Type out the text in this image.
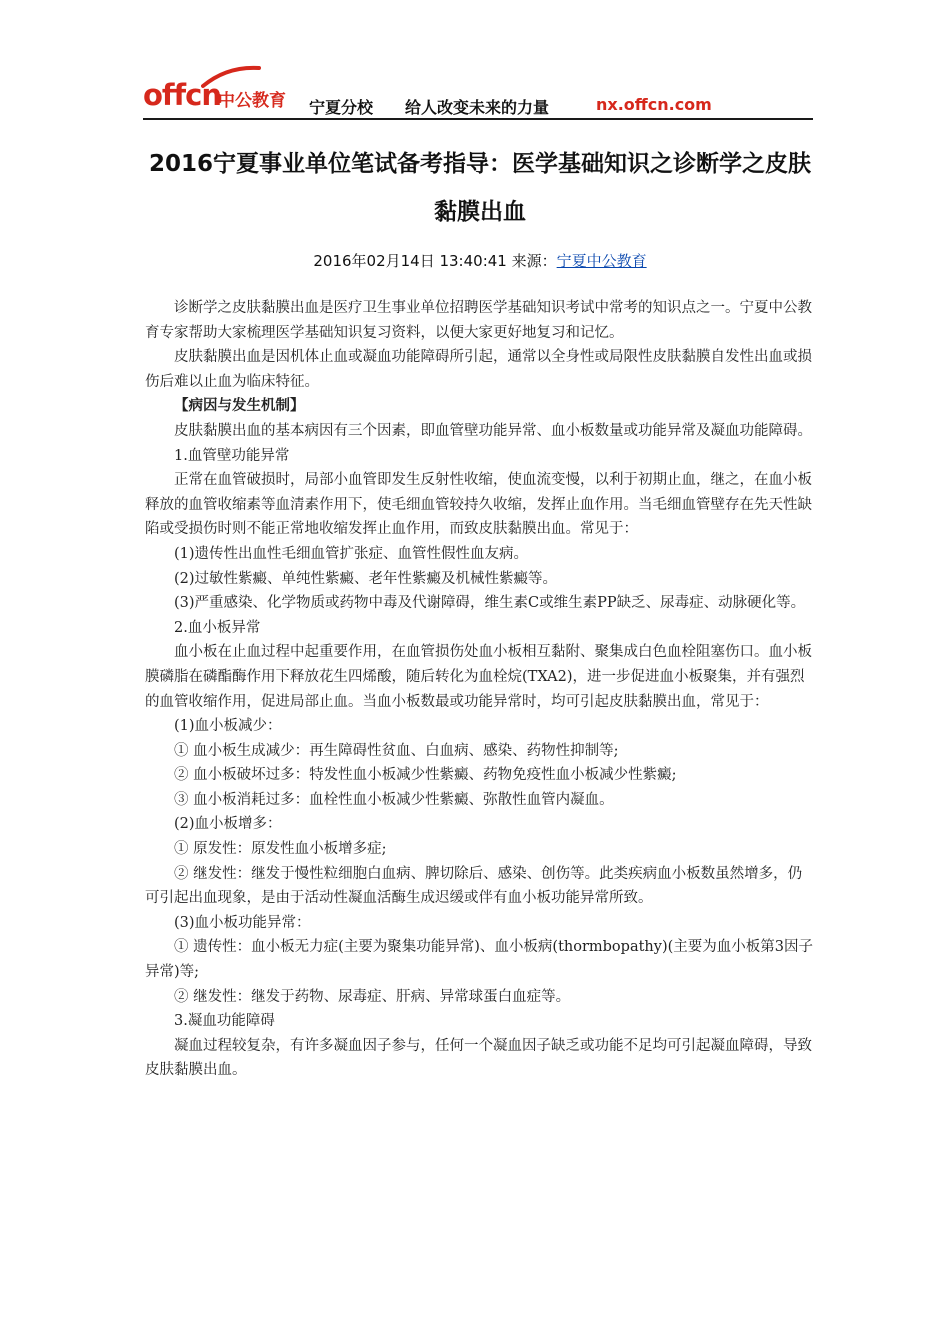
offcn
中公教育 宁夏分校 给人改变未来的力量	nx.offcn.com
2016宁夏事业单位笔试备考指导：医学基础知识之诊断学之皮肤黏膜出血
2016年02月14日 13:40:41 来源：宁夏中公教育

诊断学之皮肤黏膜出血是医疗卫生事业单位招聘医学基础知识考试中常考的知识点之一。宁夏中公教育专家帮助大家梳理医学基础知识复习资料，以便大家更好地复习和记忆。

皮肤黏膜出血是因机体止血或凝血功能障碍所引起，通常以全身性或局限性皮肤黏膜自发性出血或损伤后难以止血为临床特征。

【病因与发生机制】

皮肤黏膜出血的基本病因有三个因素，即血管壁功能异常、血小板数量或功能异常及凝血功能障碍。

1.血管壁功能异常

正常在血管破损时，局部小血管即发生反射性收缩，使血流变慢，以利于初期止血，继之，在血小板释放的血管收缩素等血清素作用下，使毛细血管较持久收缩，发挥止血作用。当毛细血管壁存在先天性缺陷或受损伤时则不能正常地收缩发挥止血作用，而致皮肤黏膜出血。常见于：

(1)遗传性出血性毛细血管扩张症、血管性假性血友病。

(2)过敏性紫癜、单纯性紫癜、老年性紫癜及机械性紫癜等。

(3)严重感染、化学物质或药物中毒及代谢障碍，维生素C或维生素PP缺乏、尿毒症、动脉硬化等。

2.血小板异常

血小板在止血过程中起重要作用，在血管损伤处血小板相互黏附、聚集成白色血栓阻塞伤口。血小板膜磷脂在磷酯酶作用下释放花生四烯酸，随后转化为血栓烷(TXA2)，进一步促进血小板聚集，并有强烈的血管收缩作用，促进局部止血。当血小板数最或功能异常时，均可引起皮肤黏膜出血，常见于：

(1)血小板减少：

① 血小板生成减少：再生障碍性贫血、白血病、感染、药物性抑制等;

② 血小板破坏过多：特发性血小板减少性紫癜、药物免疫性血小板减少性紫癜;

③ 血小板消耗过多：血栓性血小板减少性紫癜、弥散性血管内凝血。

(2)血小板增多：

① 原发性：原发性血小板增多症;

② 继发性：继发于慢性粒细胞白血病、脾切除后、感染、创伤等。此类疾病血小板数虽然增多，仍可引起出血现象，是由于活动性凝血活酶生成迟缓或伴有血小板功能异常所致。

(3)血小板功能异常：

① 遗传性：血小板无力症(主要为聚集功能异常)、血小板病(thormbopathy)(主要为血小板第3因子异常)等;

② 继发性：继发于药物、尿毒症、肝病、异常球蛋白血症等。

3.凝血功能障碍

凝血过程较复杂，有许多凝血因子参与，任何一个凝血因子缺乏或功能不足均可引起凝血障碍，导致皮肤黏膜出血。
